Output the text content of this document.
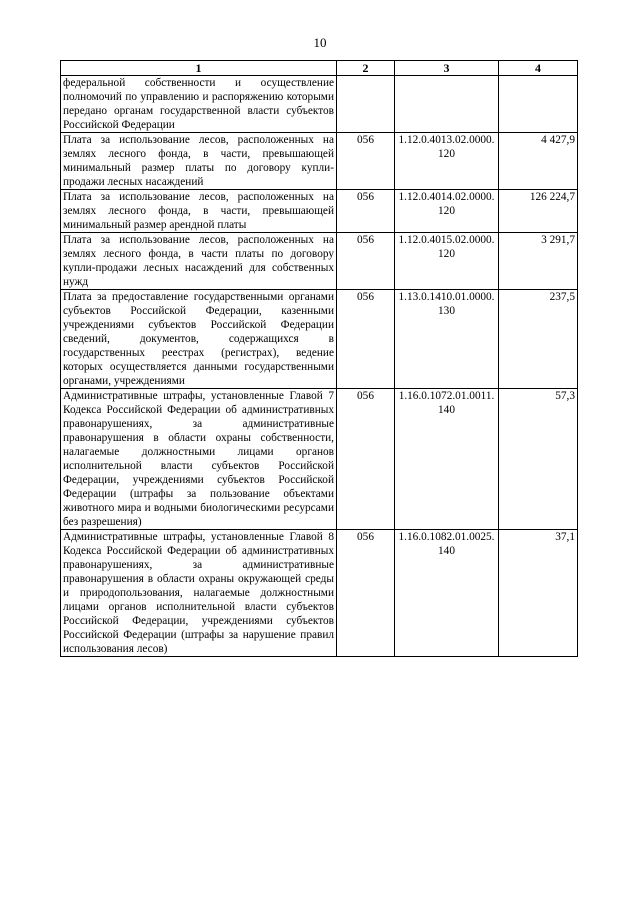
10
1	2	3	4
федеральной собственности и осуществление полномочий по управлению и распоряжению которыми передано органам государственной власти субъектов Российской Федерации			
Плата за использование лесов, расположенных на землях лесного фонда, в части, превышающей минимальный размер платы по договору купли-продажи лесных насаждений	056	1.12.0.4013.02.0000. 120	4 427,9
Плата за использование лесов, расположенных на землях лесного фонда, в части, превышающей минимальный размер арендной платы	056	1.12.0.4014.02.0000. 120	126 224,7
Плата за использование лесов, расположенных на землях лесного фонда, в части платы по договору купли-продажи лесных насаждений для собственных нужд	056	1.12.0.4015.02.0000. 120	3 291,7
Плата за предоставление государственными органами субъектов Российской Федерации, казенными учреждениями субъектов Российской Федерации сведений, документов, содержащихся в государственных реестрах (регистрах), ведение которых осуществляется данными государственными органами, учреждениями	056	1.13.0.1410.01.0000. 130	237,5
Административные штрафы, установленные Главой 7 Кодекса Российской Федерации об административных правонарушениях, за административные правонарушения в области охраны собственности, налагаемые должностными лицами органов исполнительной власти субъектов Российской Федерации, учреждениями субъектов Российской Федерации (штрафы за пользование объектами животного мира и водными биологическими ресурсами без разрешения)	056	1.16.0.1072.01.0011. 140	57,3
Административные штрафы, установленные Главой 8 Кодекса Российской Федерации об административных правонарушениях, за административные правонарушения в области охраны окружающей среды и природопользования, налагаемые должностными лицами органов исполнительной власти субъектов Российской Федерации, учреждениями субъектов Российской Федерации (штрафы за нарушение правил использования лесов)	056	1.16.0.1082.01.0025. 140	37,1
